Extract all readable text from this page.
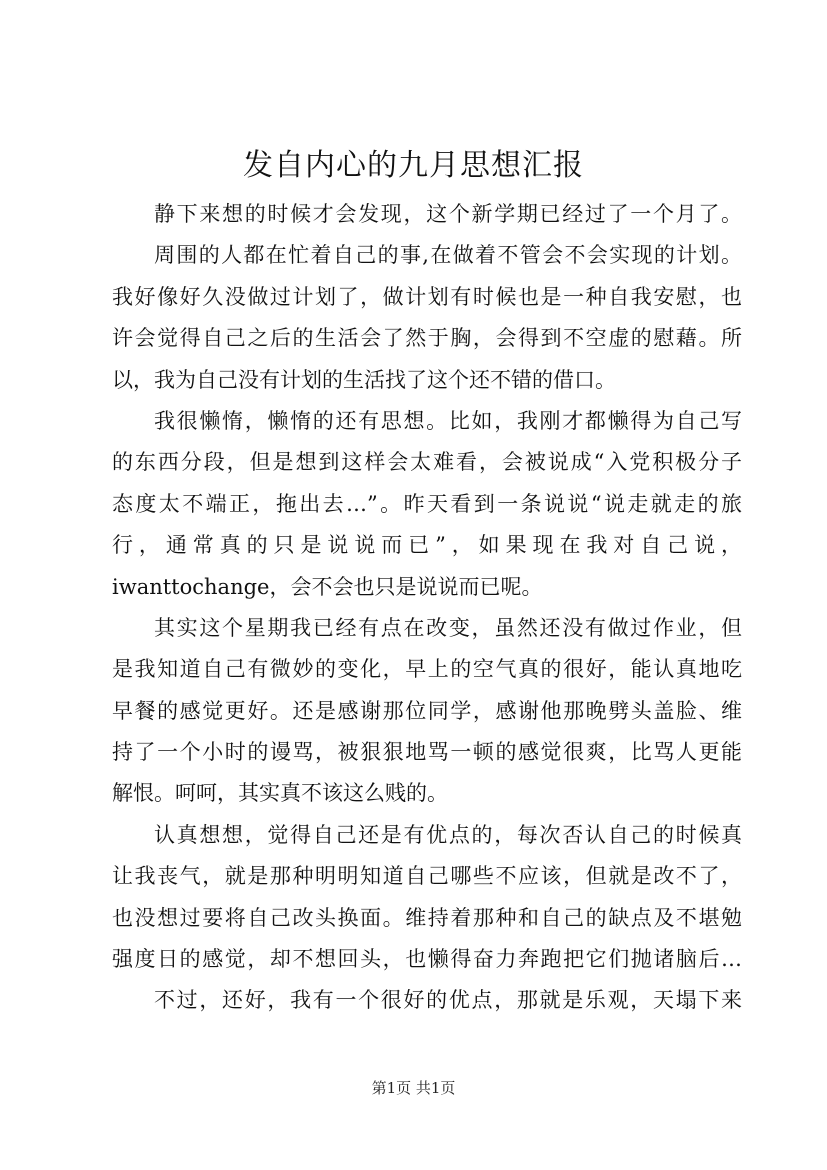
发自内心的九月思想汇报
静下来想的时候才会发现，这个新学期已经过了一个月了。
周围的人都在忙着自己的事,在做着不管会不会实现的计划。
我好像好久没做过计划了，做计划有时候也是一种自我安慰，也
许会觉得自己之后的生活会了然于胸，会得到不空虚的慰藉。所
以，我为自己没有计划的生活找了这个还不错的借口。
我很懒惰，懒惰的还有思想。比如，我刚才都懒得为自己写
的东西分段，但是想到这样会太难看，会被说成“入党积极分子
态度太不端正，拖出去…”。昨天看到一条说说“说走就走的旅
行，通常真的只是说说而已”，如果现在我对自己说，
iwanttochange，会不会也只是说说而已呢。
其实这个星期我已经有点在改变，虽然还没有做过作业，但
是我知道自己有微妙的变化，早上的空气真的很好，能认真地吃
早餐的感觉更好。还是感谢那位同学，感谢他那晚劈头盖脸、维
持了一个小时的谩骂，被狠狠地骂一顿的感觉很爽，比骂人更能
解恨。呵呵，其实真不该这么贱的。
认真想想，觉得自己还是有优点的，每次否认自己的时候真
让我丧气，就是那种明明知道自己哪些不应该，但就是改不了，
也没想过要将自己改头换面。维持着那种和自己的缺点及不堪勉
强度日的感觉，却不想回头，也懒得奋力奔跑把它们抛诸脑后…
不过，还好，我有一个很好的优点，那就是乐观，天塌下来
第1页 共1页
